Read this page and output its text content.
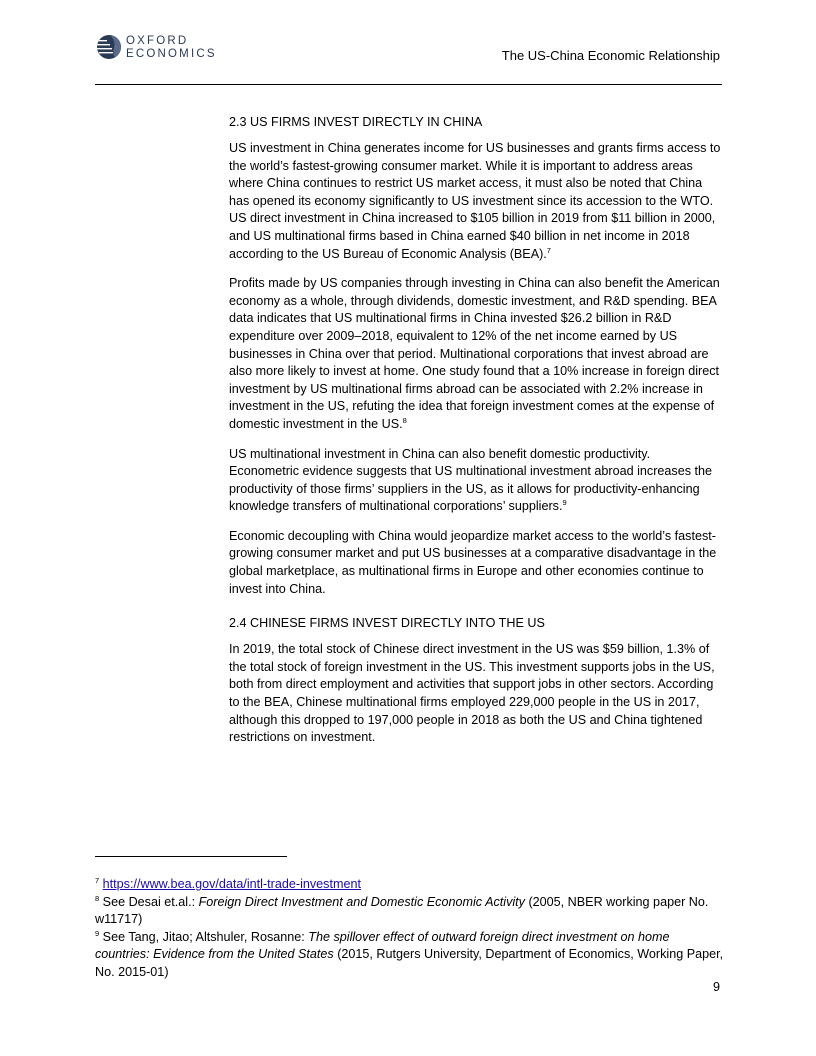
OXFORD
ECONOMICS	The US-China Economic Relationship
2.3 US FIRMS INVEST DIRECTLY IN CHINA

US investment in China generates income for US businesses and grants firms access to the world’s fastest-growing consumer market. While it is important to address areas where China continues to restrict US market access, it must also be noted that China has opened its economy significantly to US investment since its accession to the WTO. US direct investment in China increased to $105 billion in 2019 from $11 billion in 2000, and US multinational firms based in China earned $40 billion in net income in 2018 according to the US Bureau of Economic Analysis (BEA).$^7$

Profits made by US companies through investing in China can also benefit the American economy as a whole, through dividends, domestic investment, and R&D spending. BEA data indicates that US multinational firms in China invested $26.2 billion in R&D expenditure over 2009–2018, equivalent to 12% of the net income earned by US businesses in China over that period. Multinational corporations that invest abroad are also more likely to invest at home. One study found that a 10% increase in foreign direct investment by US multinational firms abroad can be associated with 2.2% increase in investment in the US, refuting the idea that foreign investment comes at the expense of domestic investment in the US.$^8$

US multinational investment in China can also benefit domestic productivity. Econometric evidence suggests that US multinational investment abroad increases the productivity of those firms’ suppliers in the US, as it allows for productivity-enhancing knowledge transfers of multinational corporations’ suppliers.$^9$

Economic decoupling with China would jeopardize market access to the world’s fastest-growing consumer market and put US businesses at a comparative disadvantage in the global marketplace, as multinational firms in Europe and other economies continue to invest into China.

2.4 CHINESE FIRMS INVEST DIRECTLY INTO THE US

In 2019, the total stock of Chinese direct investment in the US was $59 billion, 1.3% of the total stock of foreign investment in the US. This investment supports jobs in the US, both from direct employment and activities that support jobs in other sectors. According to the BEA, Chinese multinational firms employed 229,000 people in the US in 2017, although this dropped to 197,000 people in 2018 as both the US and China tightened restrictions on investment.

$^7$ https://www.bea.gov/data/intl-trade-investment

$^8$ See Desai et.al.: Foreign Direct Investment and Domestic Economic Activity (2005, NBER working paper No. w11717)

$^9$ See Tang, Jitao; Altshuler, Rosanne: The spillover effect of outward foreign direct investment on home countries: Evidence from the United States (2015, Rutgers University, Department of Economics, Working Paper, No. 2015-01)

9
